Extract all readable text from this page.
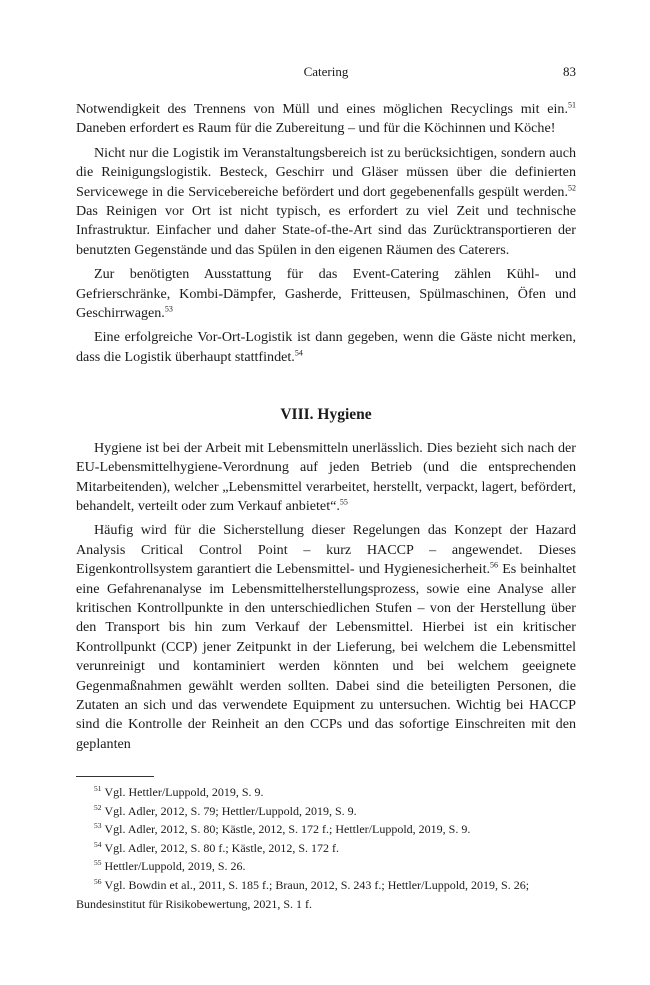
Catering	83

Notwendigkeit des Trennens von Müll und eines möglichen Recyclings mit ein.$^{51}$ Daneben erfordert es Raum für die Zubereitung – und für die Köchinnen und Köche!

Nicht nur die Logistik im Veranstaltungsbereich ist zu berücksichtigen, sondern auch die Reinigungslogistik. Besteck, Geschirr und Gläser müssen über die definierten Servicewege in die Servicebereiche befördert und dort gegebenenfalls gespült werden.$^{52}$ Das Reinigen vor Ort ist nicht typisch, es erfordert zu viel Zeit und technische Infrastruktur. Einfacher und daher State-of-the-Art sind das Zurücktransportieren der benutzten Gegenstände und das Spülen in den eigenen Räumen des Caterers.

Zur benötigten Ausstattung für das Event-Catering zählen Kühl- und Gefrierschränke, Kombi-Dämpfer, Gasherde, Fritteusen, Spülmaschinen, Öfen und Geschirrwagen.$^{53}$

Eine erfolgreiche Vor-Ort-Logistik ist dann gegeben, wenn die Gäste nicht merken, dass die Logistik überhaupt stattfindet.$^{54}$

VIII. Hygiene

Hygiene ist bei der Arbeit mit Lebensmitteln unerlässlich. Dies bezieht sich nach der EU-Lebensmittelhygiene-Verordnung auf jeden Betrieb (und die entsprechenden Mitarbeitenden), welcher „Lebensmittel verarbeitet, herstellt, verpackt, lagert, befördert, behandelt, verteilt oder zum Verkauf anbietet“.$^{55}$

Häufig wird für die Sicherstellung dieser Regelungen das Konzept der Hazard Analysis Critical Control Point – kurz HACCP – angewendet. Dieses Eigenkontrollsystem garantiert die Lebensmittel- und Hygienesicherheit.$^{56}$ Es beinhaltet eine Gefahrenanalyse im Lebensmittelherstellungsprozess, sowie eine Analyse aller kritischen Kontrollpunkte in den unterschiedlichen Stufen – von der Herstellung über den Transport bis hin zum Verkauf der Lebensmittel. Hierbei ist ein kritischer Kontrollpunkt (CCP) jener Zeitpunkt in der Lieferung, bei welchem die Lebensmittel verunreinigt und kontaminiert werden könnten und bei welchem geeignete Gegenmaßnahmen gewählt werden sollten. Dabei sind die beteiligten Personen, die Zutaten an sich und das verwendete Equipment zu untersuchen. Wichtig bei HACCP sind die Kontrolle der Reinheit an den CCPs und das sofortige Einschreiten mit den geplanten

$^{51}$ Vgl. Hettler/Luppold, 2019, S. 9.

$^{52}$ Vgl. Adler, 2012, S. 79; Hettler/Luppold, 2019, S. 9.

$^{53}$ Vgl. Adler, 2012, S. 80; Kästle, 2012, S. 172 f.; Hettler/Luppold, 2019, S. 9.

$^{54}$ Vgl. Adler, 2012, S. 80 f.; Kästle, 2012, S. 172 f.

$^{55}$ Hettler/Luppold, 2019, S. 26.

$^{56}$ Vgl. Bowdin et al., 2011, S. 185 f.; Braun, 2012, S. 243 f.; Hettler/Luppold, 2019, S. 26; Bundesinstitut für Risikobewertung, 2021, S. 1 f.
